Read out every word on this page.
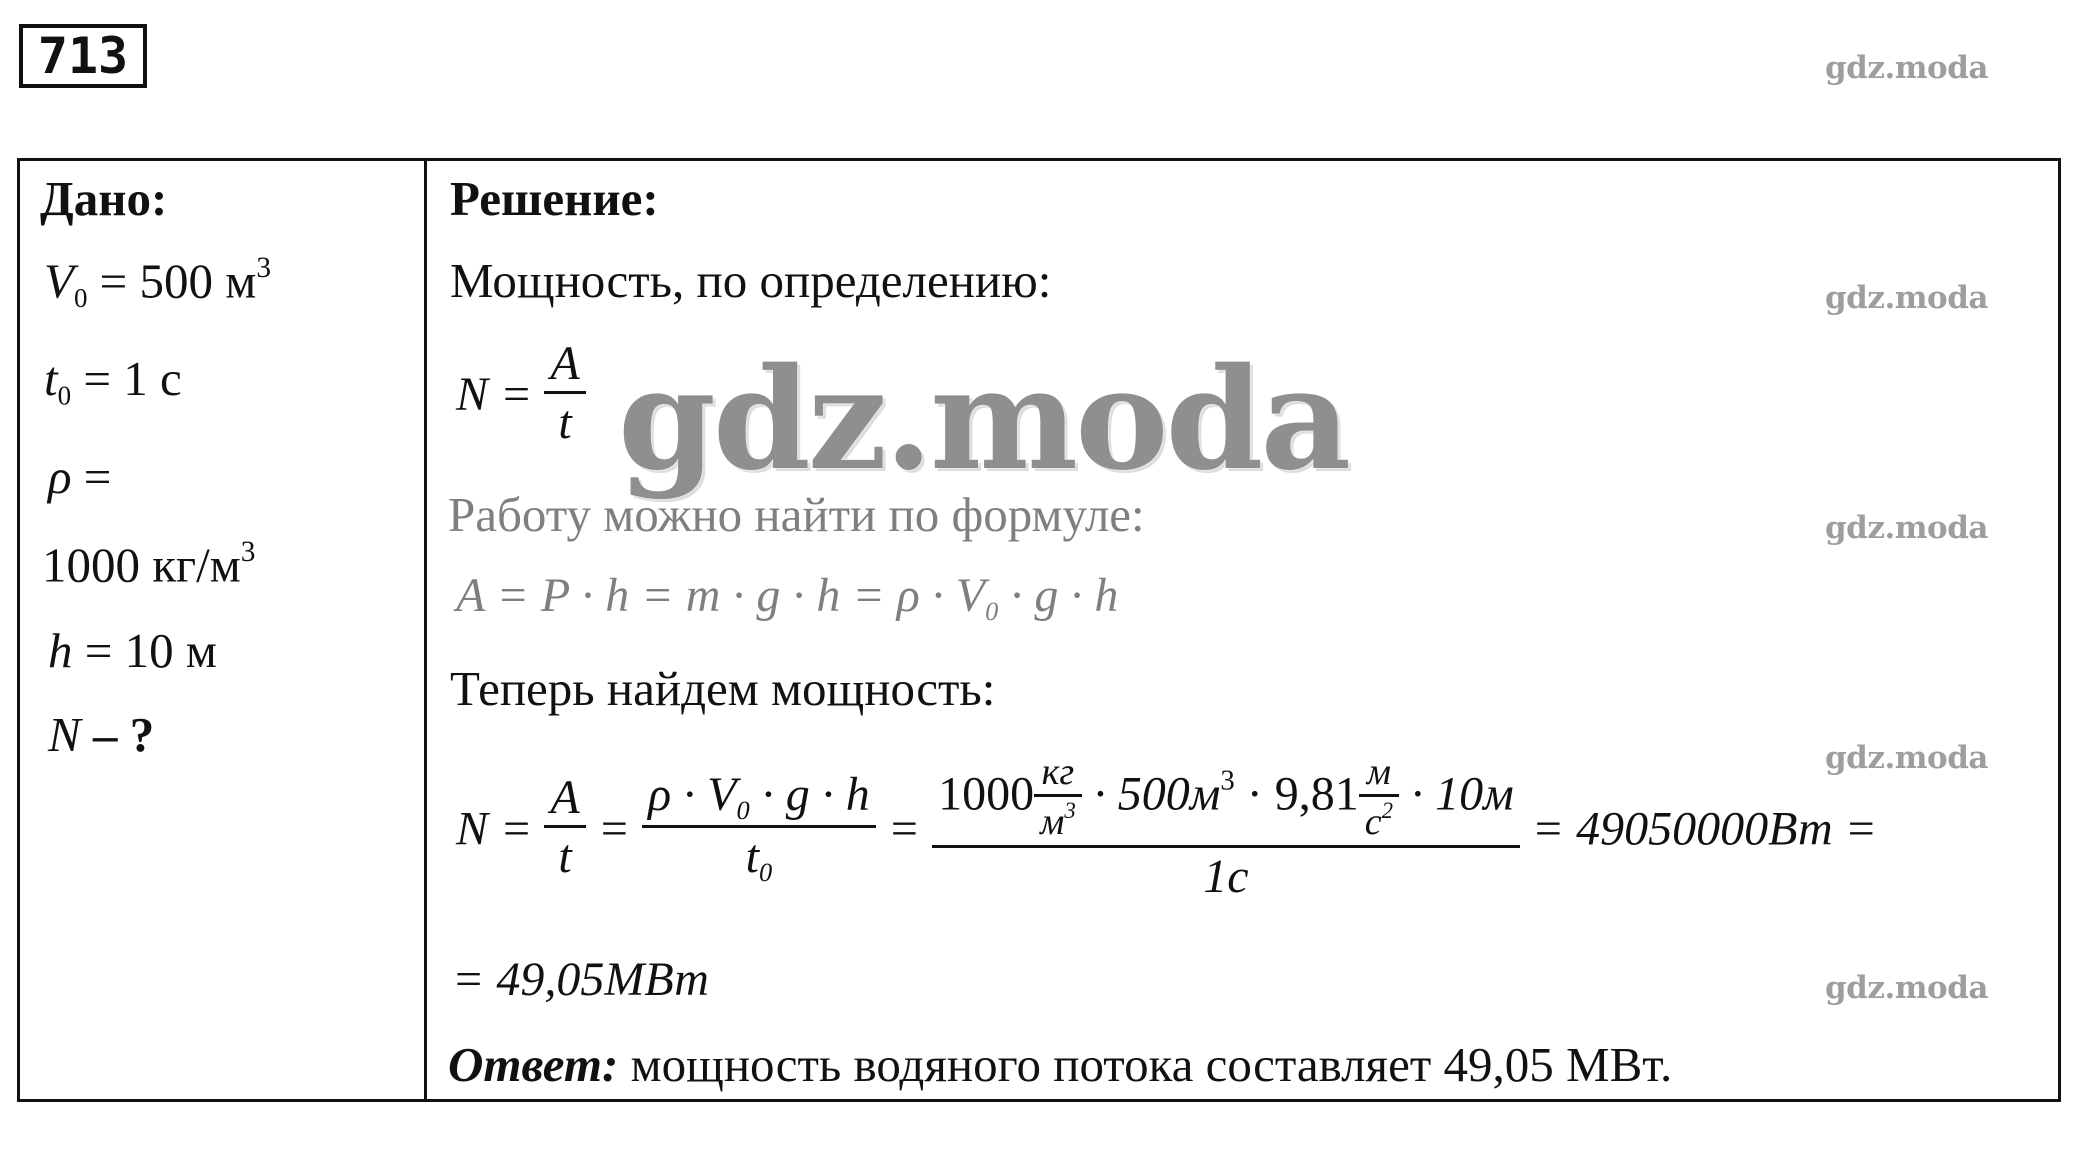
713	gdz.moda
gdz.moda
gdz.moda
gdz.moda
gdz.moda
Дано:
$V_0 = 500$ $м^3$
$t_0 = 1$ с
ρ =
1000 $кг/м^3$
h = 10 м
N – ?
Решение:
Мощность, по определению:
$N = \frac{A}{t}$
Работу можно найти по формуле:
$A = P \cdot h = m \cdot g \cdot h = \rho \cdot V_0 \cdot g \cdot h$
Теперь найдем мощность:
$N = \frac{A}{t} = \frac{\rho \cdot V_0 \cdot g \cdot h}{t_0} = \frac{1000 \frac{кг}{м^3} \cdot 500м^3 \cdot 9,81 \frac{м}{с^2} \cdot 10м}{1с} = 49050000Вт$ =
= 49,05МВт
Ответ: мощность водяного потока составляет 49,05 МВт.
gdz.moda
